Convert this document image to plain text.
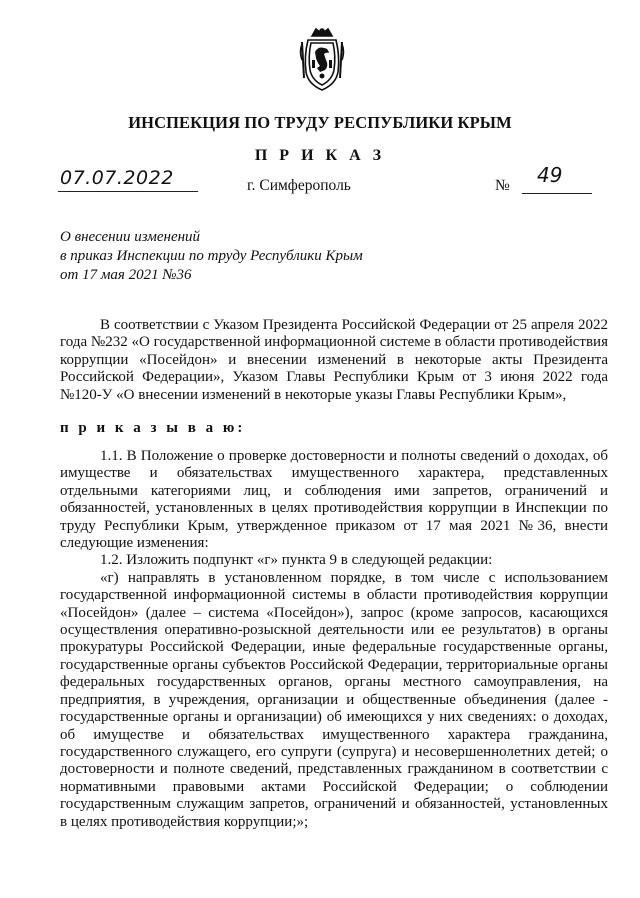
ИНСПЕКЦИЯ ПО ТРУДУ РЕСПУБЛИКИ КРЫМ
П Р И К А З
07.07.2022	г. Симферополь	№ 49
О внесении изменений
в приказ Инспекции по труду Республики Крым
от 17 мая 2021 №36

В соответствии с Указом Президента Российской Федерации от 25 апреля 2022 года №232 «О государственной информационной системе в области противодействия коррупции «Посейдон» и внесении изменений в некоторые акты Президента Российской Федерации», Указом Главы Республики Крым от 3 июня 2022 года №120-У «О внесении изменений в некоторые указы Главы Республики Крым»,

п р и к а з ы в а ю:

1.1. В Положение о проверке достоверности и полноты сведений о доходах, об имуществе и обязательствах имущественного характера, представленных отдельными категориями лиц, и соблюдения ими запретов, ограничений и обязанностей, установленных в целях противодействия коррупции в Инспекции по труду Республики Крым, утвержденное приказом от 17 мая 2021 №36, внести следующие изменения:

1.2. Изложить подпункт «г» пункта 9 в следующей редакции:

«г) направлять в установленном порядке, в том числе с использованием государственной информационной системы в области противодействия коррупции «Посейдон» (далее – система «Посейдон»), запрос (кроме запросов, касающихся осуществления оперативно-розыскной деятельности или ее результатов) в органы прокуратуры Российской Федерации, иные федеральные государственные органы, государственные органы субъектов Российской Федерации, территориальные органы федеральных государственных органов, органы местного самоуправления, на предприятия, в учреждения, организации и общественные объединения (далее - государственные органы и организации) об имеющихся у них сведениях: о доходах, об имуществе и обязательствах имущественного характера гражданина, государственного служащего, его супруги (супруга) и несовершеннолетних детей; о достоверности и полноте сведений, представленных гражданином в соответствии с нормативными правовыми актами Российской Федерации; о соблюдении государственным служащим запретов, ограничений и обязанностей, установленных в целях противодействия коррупции;»;
